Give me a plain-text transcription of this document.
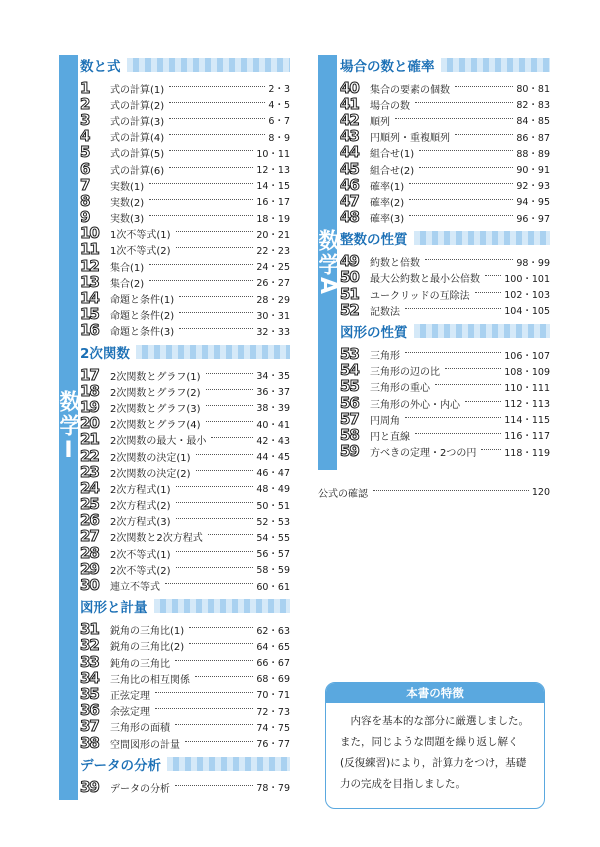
数学Ⅰ
数学A
数と式
1	式の計算(1)	2・3
2	式の計算(2)	4・5
3	式の計算(3)	6・7
4	式の計算(4)	8・9
5	式の計算(5)	10・11
6	式の計算(6)	12・13
7	実数(1)	14・15
8	実数(2)	16・17
9	実数(3)	18・19
10	1次不等式(1)	20・21
11	1次不等式(2)	22・23
12	集合(1)	24・25
13	集合(2)	26・27
14	命題と条件(1)	28・29
15	命題と条件(2)	30・31
16	命題と条件(3)	32・33
2次関数
17	2次関数とグラフ(1)	34・35
18	2次関数とグラフ(2)	36・37
19	2次関数とグラフ(3)	38・39
20	2次関数とグラフ(4)	40・41
21	2次関数の最大・最小	42・43
22	2次関数の決定(1)	44・45
23	2次関数の決定(2)	46・47
24	2次方程式(1)	48・49
25	2次方程式(2)	50・51
26	2次方程式(3)	52・53
27	2次関数と2次方程式	54・55
28	2次不等式(1)	56・57
29	2次不等式(2)	58・59
30	連立不等式	60・61
図形と計量
31	鋭角の三角比(1)	62・63
32	鋭角の三角比(2)	64・65
33	鈍角の三角比	66・67
34	三角比の相互関係	68・69
35	正弦定理	70・71
36	余弦定理	72・73
37	三角形の面積	74・75
38	空間図形の計量	76・77
データの分析
39	データの分析	78・79
場合の数と確率
40	集合の要素の個数	80・81
41	場合の数	82・83
42	順列	84・85
43	円順列・重複順列	86・87
44	組合せ(1)	88・89
45	組合せ(2)	90・91
46	確率(1)	92・93
47	確率(2)	94・95
48	確率(3)	96・97
整数の性質
49	約数と倍数	98・99
50	最大公約数と最小公倍数	100・101
51	ユークリッドの互除法	102・103
52	記数法	104・105
図形の性質
53	三角形	106・107
54	三角形の辺の比	108・109
55	三角形の重心	110・111
56	三角形の外心・内心	112・113
57	円周角	114・115
58	円と直線	116・117
59	方べきの定理・2つの円	118・119
公式の確認	120
本書の特徴
内容を基本的な部分に厳選しました。
また，同じような問題を繰り返し解く
(反復練習)により，計算力をつけ，基礎
力の完成を目指しました。
